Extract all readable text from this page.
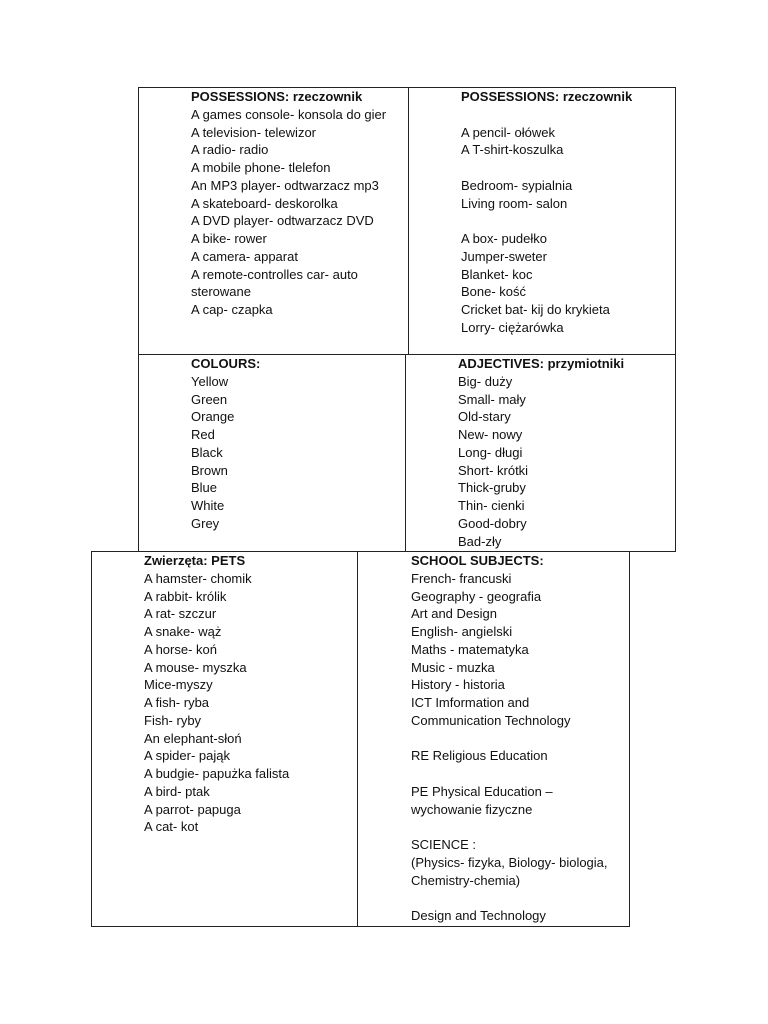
POSSESSIONS: rzeczownik
A games console- konsola do gier
A television- telewizor
A radio- radio
A mobile phone- tlelefon
An MP3 player- odtwarzacz mp3
A skateboard- deskorolka
A DVD player- odtwarzacz DVD
A bike- rower
A camera- apparat
A remote-controlles car- auto
sterowane
A cap- czapka
POSSESSIONS: rzeczownik
A pencil- ołówek
A T-shirt-koszulka
Bedroom- sypialnia
Living room- salon
A box- pudełko
Jumper-sweter
Blanket- koc
Bone- kość
Cricket bat- kij do krykieta
Lorry- ciężarówka
COLOURS:
Yellow
Green
Orange
Red
Black
Brown
Blue
White
Grey
ADJECTIVES: przymiotniki
Big- duży
Small- mały
Old-stary
New- nowy
Long- długi
Short- krótki
Thick-gruby
Thin- cienki
Good-dobry
Bad-zły
Zwierzęta: PETS
A hamster- chomik
A rabbit- królik
A rat- szczur
A snake- wąż
A horse- koń
A mouse- myszka
Mice-myszy
A fish- ryba
Fish- ryby
An elephant-słoń
A spider- pająk
A budgie- papużka falista
A bird- ptak
A parrot- papuga
A cat- kot
SCHOOL SUBJECTS:
French- francuski
Geography - geografia
Art and Design
English- angielski
Maths - matematyka
Music - muzka
History - historia
ICT Imformation and
Communication Technology
RE Religious Education
PE Physical Education –
wychowanie fizyczne
SCIENCE :
(Physics- fizyka, Biology- biologia,
Chemistry-chemia)
Design and Technology
